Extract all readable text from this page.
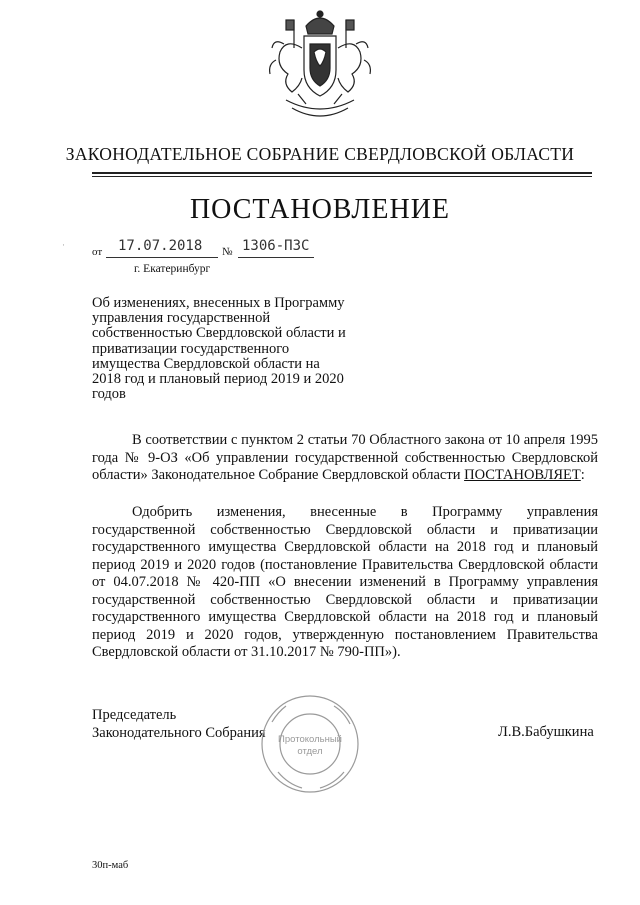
ЗАКОНОДАТЕЛЬНОЕ СОБРАНИЕ СВЕРДЛОВСКОЙ ОБЛАСТИ
ПОСТАНОВЛЕНИЕ
·
от 17.07.2018 № 1306-ПЗС
г. Екатеринбург
Об изменениях, внесенных в Программу управления государственной собственностью Свердловской области и приватизации государственного имущества Свердловской области на 2018 год и плановый период 2019 и 2020 годов
В соответствии с пунктом 2 статьи 70 Областного закона от 10 апреля 1995 года № 9-ОЗ «Об управлении государственной собственностью Свердловской области» Законодательное Собрание Свердловской области ПОСТАНОВЛЯЕТ:
Одобрить изменения, внесенные в Программу управления государственной собственностью Свердловской области и приватизации государственного имущества Свердловской области на 2018 год и плановый период 2019 и 2020 годов (постановление Правительства Свердловской области от 04.07.2018 № 420-ПП «О внесении изменений в Программу управления государственной собственностью Свердловской области и приватизации государственного имущества Свердловской области на 2018 год и плановый период 2019 и 2020 годов, утвержденную постановлением Правительства Свердловской области от 31.10.2017 № 790-ПП»).
Председатель
Законодательного Собрания Протокольный
отдел
Л.В.Бабушкина
30п-маб
